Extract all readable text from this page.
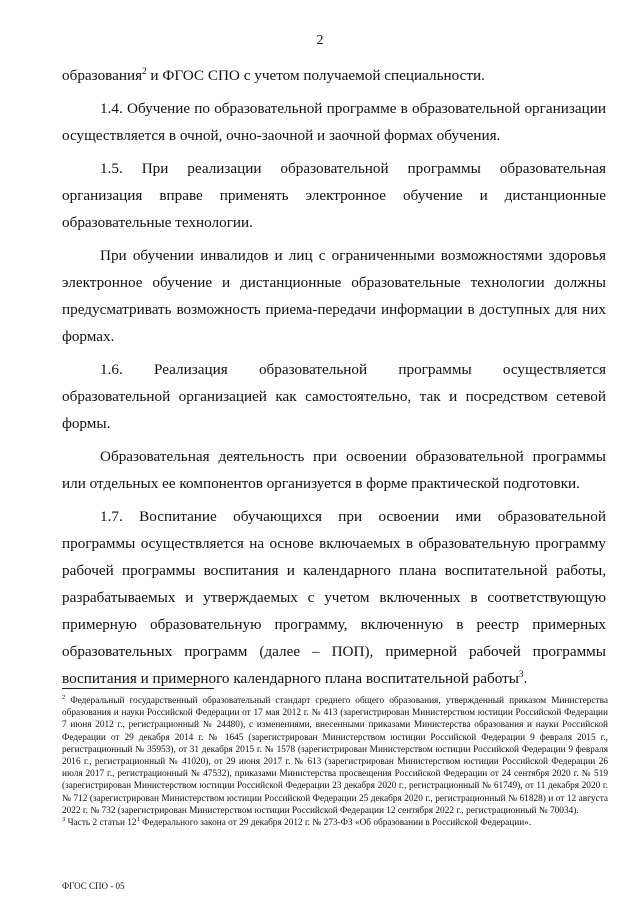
2

образования$^2$ и ФГОС СПО с учетом получаемой специальности.

1.4. Обучение по образовательной программе в образовательной организации осуществляется в очной, очно-заочной и заочной формах обучения.

1.5. При реализации образовательной программы образовательная организация вправе применять электронное обучение и дистанционные образовательные технологии.

При обучении инвалидов и лиц с ограниченными возможностями здоровья электронное обучение и дистанционные образовательные технологии должны предусматривать возможность приема-передачи информации в доступных для них формах.

1.6. Реализация образовательной программы осуществляется образовательной организацией как самостоятельно, так и посредством сетевой формы.

Образовательная деятельность при освоении образовательной программы или отдельных ее компонентов организуется в форме практической подготовки.

1.7. Воспитание обучающихся при освоении ими образовательной программы осуществляется на основе включаемых в образовательную программу рабочей программы воспитания и календарного плана воспитательной работы, разрабатываемых и утверждаемых с учетом включенных в соответствующую примерную образовательную программу, включенную в реестр примерных образовательных программ (далее – ПОП), примерной рабочей программы воспитания и примерного календарного плана воспитательной работы$^3$.

$^2$ Федеральный государственный образовательный стандарт среднего общего образования, утвержденный приказом Министерства образования и науки Российской Федерации от 17 мая 2012 г. № 413 (зарегистрирован Министерством юстиции Российской Федерации 7 июня 2012 г., регистрационный № 24480), с изменениями, внесенными приказами Министерства образования и науки Российской Федерации от 29 декабря 2014 г. № 1645 (зарегистрирован Министерством юстиции Российской Федерации 9 февраля 2015 г., регистрационный № 35953), от 31 декабря 2015 г. № 1578 (зарегистрирован Министерством юстиции Российской Федерации 9 февраля 2016 г., регистрационный № 41020), от 29 июня 2017 г. № 613 (зарегистрирован Министерством юстиции Российской Федерации 26 июля 2017 г., регистрационный № 47532), приказами Министерства просвещения Российской Федерации от 24 сентября 2020 г. № 519 (зарегистрирован Министерством юстиции Российской Федерации 23 декабря 2020 г., регистрационный № 61749), от 11 декабря 2020 г. № 712 (зарегистрирован Министерством юстиции Российской Федерации 25 декабря 2020 г., регистрационный № 61828) и от 12 августа 2022 г. № 732 (зарегистрирован Министерством юстиции Российской Федерации 12 сентября 2022 г., регистрационный № 70034).

$^3$ Часть 2 статьи $12^1$ Федерального закона от 29 декабря 2012 г. № 273-ФЗ «Об образовании в Российской Федерации».

ФГОС СПО - 05
